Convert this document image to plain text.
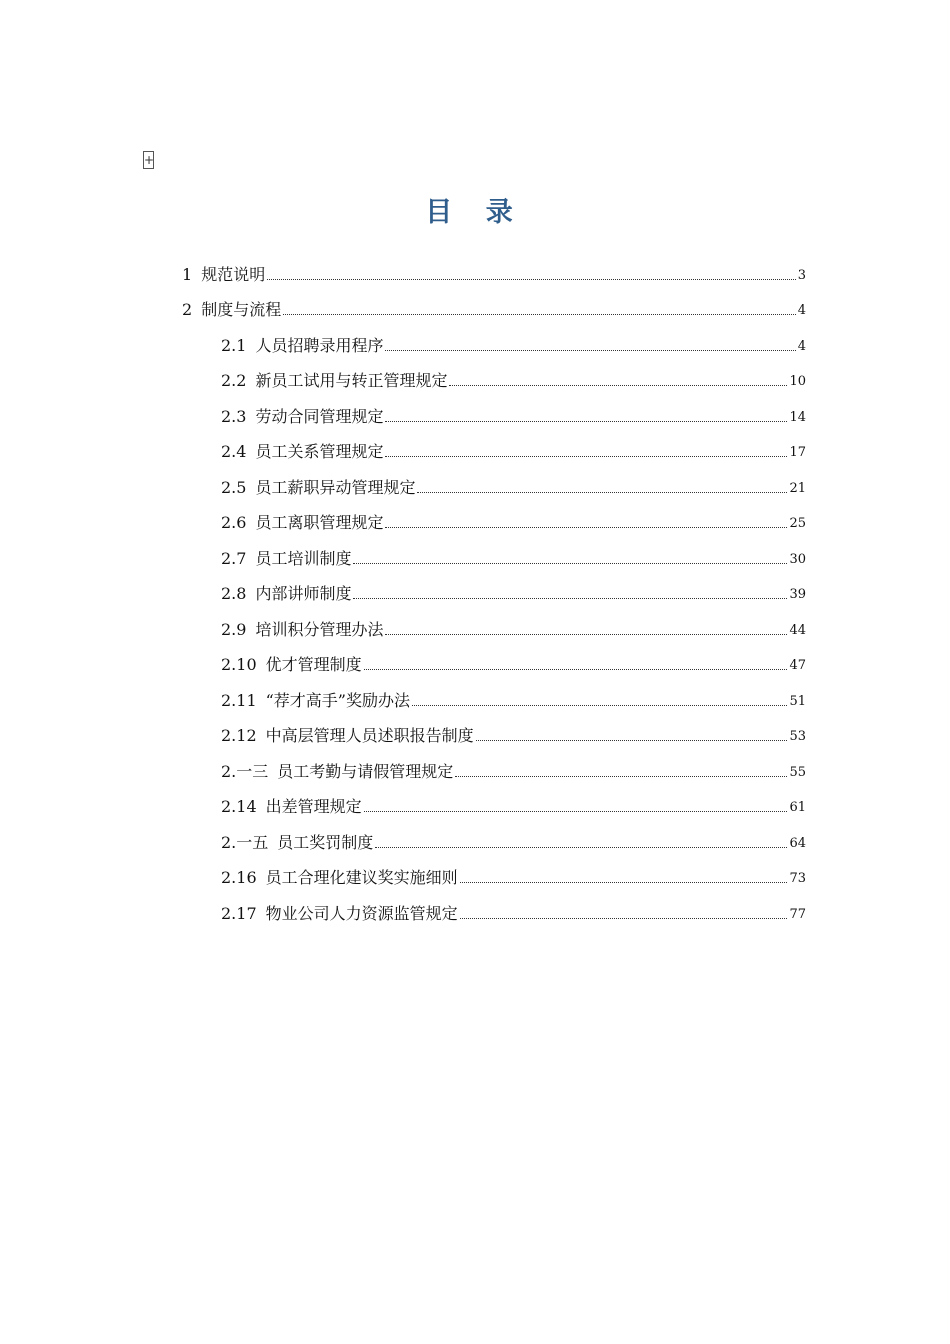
+
目 录
1 规范说明	3
2 制度与流程	4
2.1 人员招聘录用程序	4
2.2 新员工试用与转正管理规定	10
2.3 劳动合同管理规定	14
2.4 员工关系管理规定	17
2.5 员工薪职异动管理规定	21
2.6 员工离职管理规定	25
2.7 员工培训制度	30
2.8 内部讲师制度	39
2.9 培训积分管理办法	44
2.10 优才管理制度	47
2.11 “荐才高手”奖励办法	51
2.12 中高层管理人员述职报告制度	53
2.一三 员工考勤与请假管理规定	55
2.14 出差管理规定	61
2.一五 员工奖罚制度	64
2.16 员工合理化建议奖实施细则	73
2.17 物业公司人力资源监管规定	77
